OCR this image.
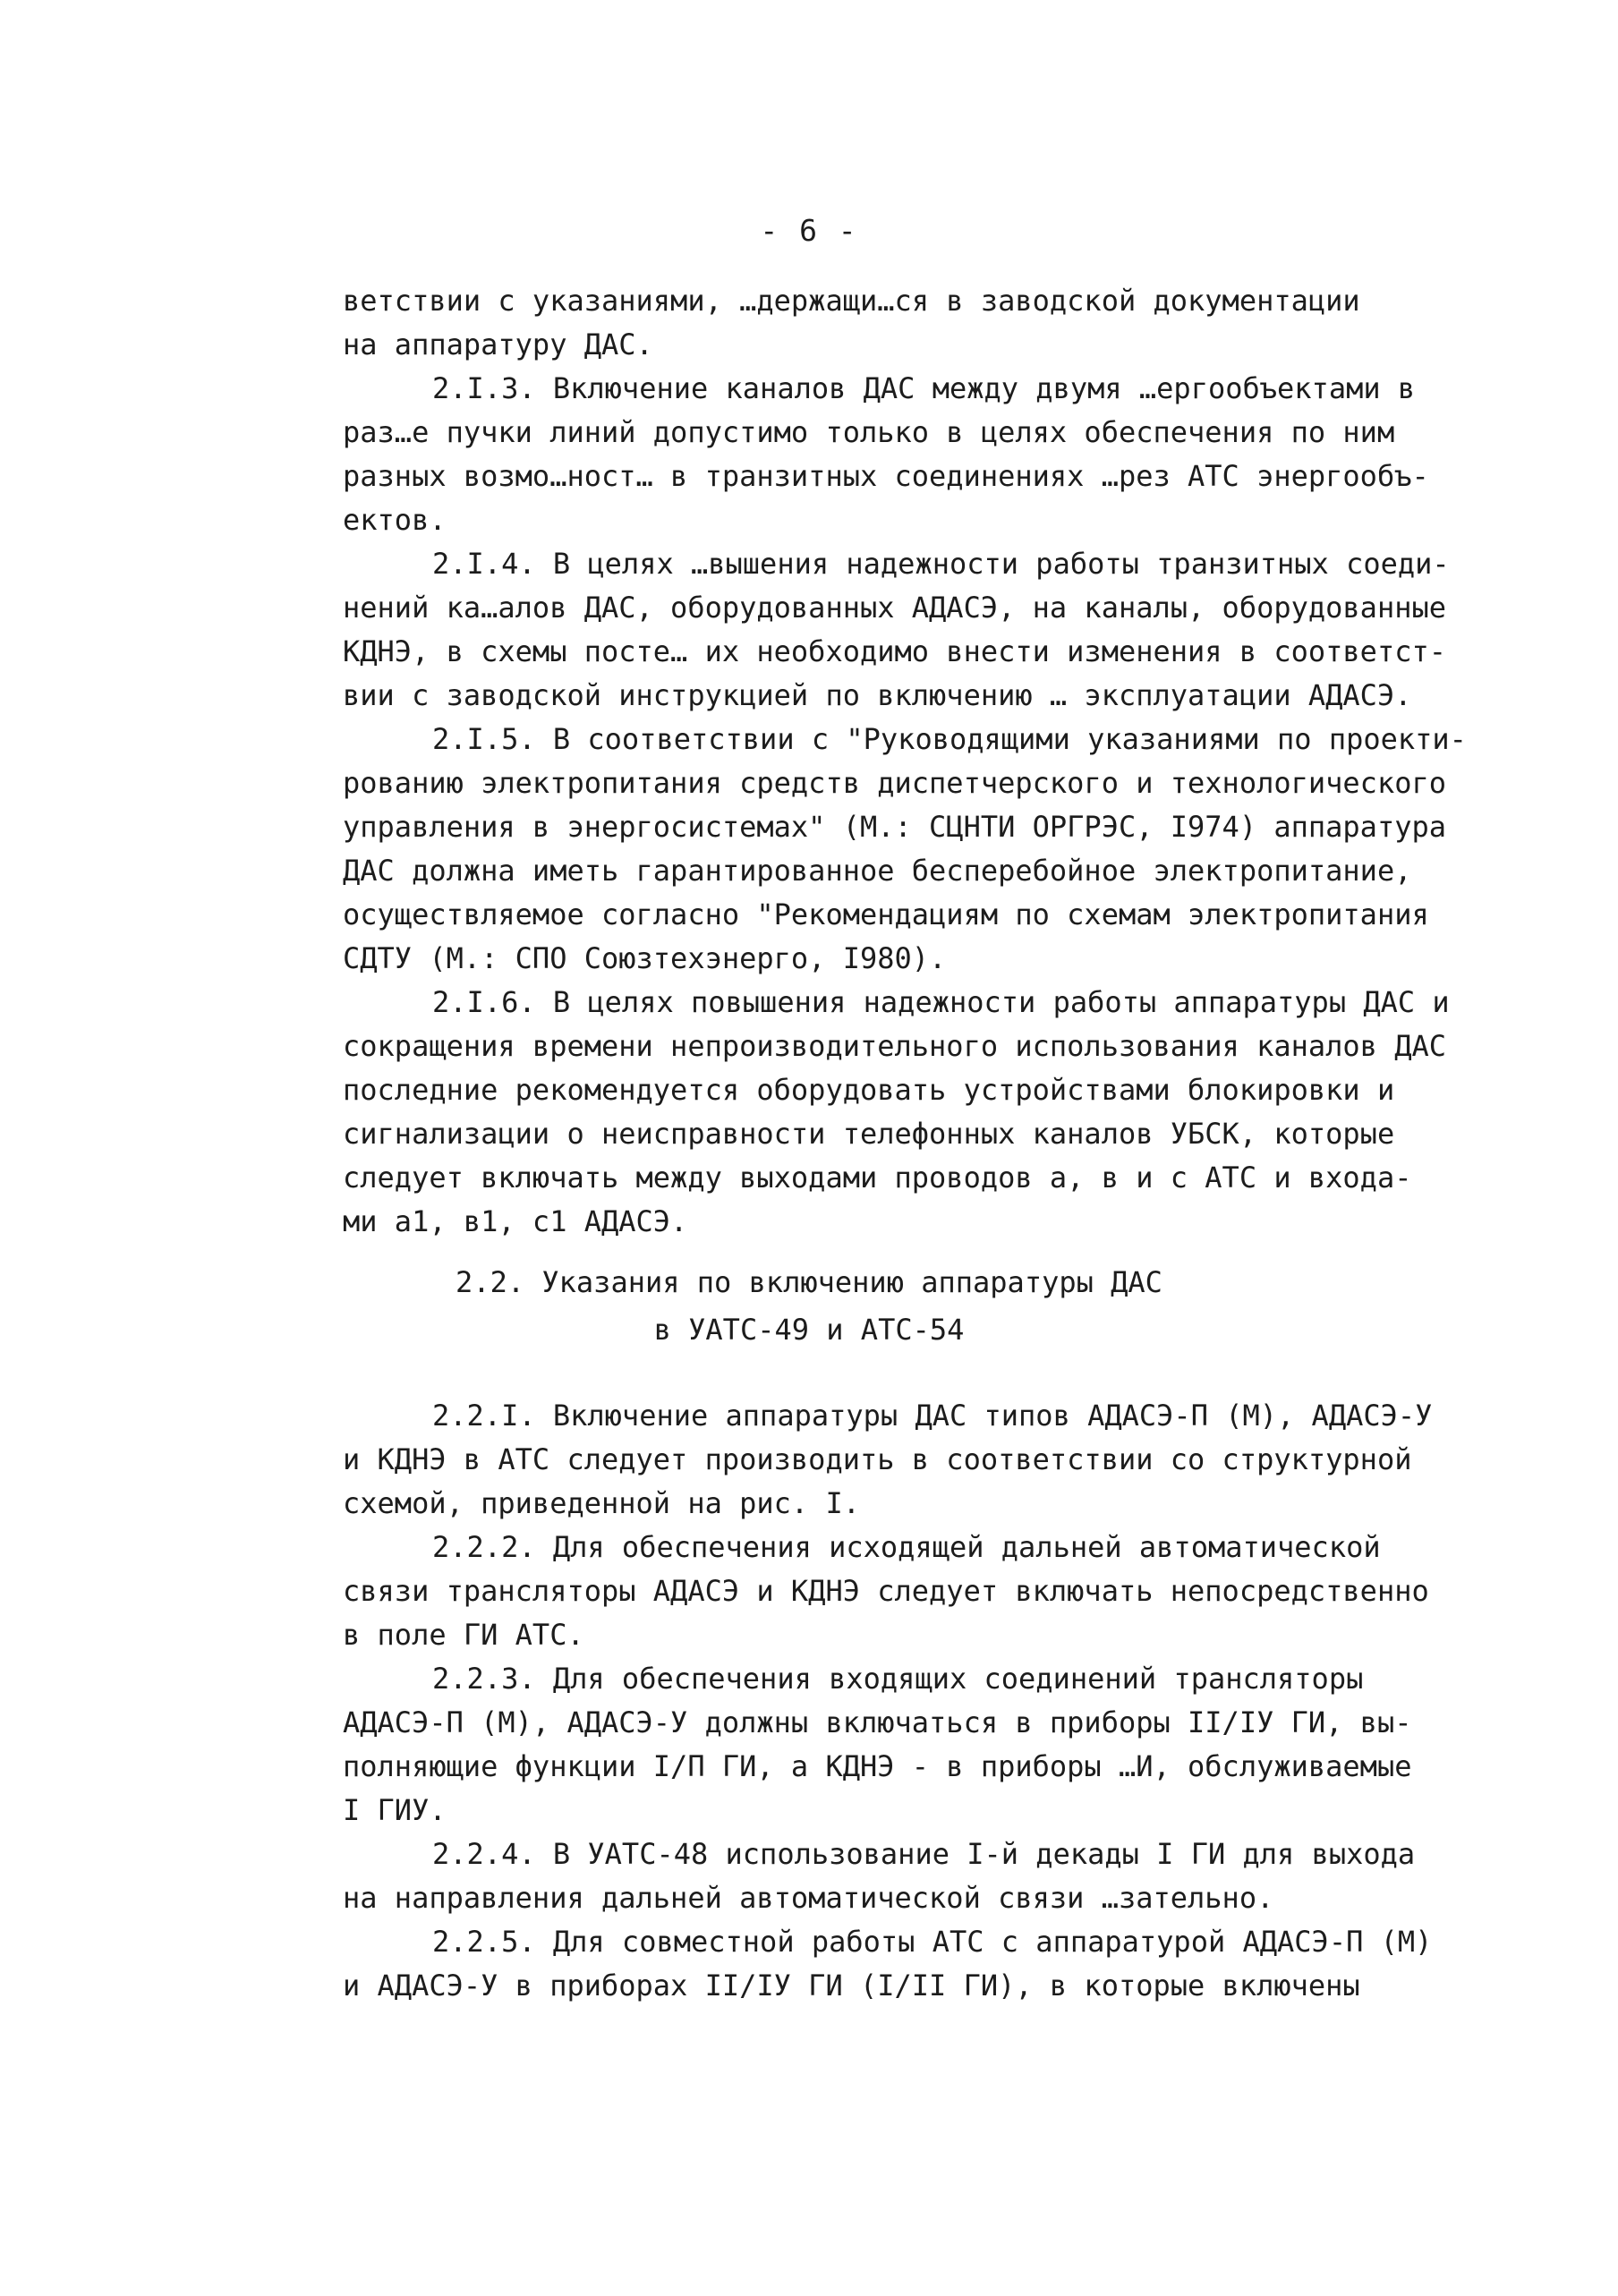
- 6 -

ветствии с указаниями, …держащи…ся в заводской документации

на аппаратуру ДАС.

2.I.3. Включение каналов ДАС между двумя …ергообъектами в

раз…е пучки линий допустимо только в целях обеспечения по ним

разных возмо…ност… в транзитных соединениях …рез АТС энергообъ-

ектов.

2.I.4. В целях …вышения надежности работы транзитных соеди-

нений ка…алов ДАС, оборудованных АДАСЭ, на каналы, оборудованные

КДНЭ, в схемы посте… их необходимо внести изменения в соответст-

вии с заводской инструкцией по включению … эксплуатации АДАСЭ.

2.I.5. В соответствии с "Руководящими указаниями по проекти-

рованию электропитания средств диспетчерского и технологического

управления в энергосистемах" (М.: СЦНТИ ОРГРЭС, I974) аппаратура

ДАС должна иметь гарантированное бесперебойное электропитание,

осуществляемое согласно "Рекомендациям по схемам электропитания

СДТУ (М.: СПО Союзтехэнерго, I980).

2.I.6. В целях повышения надежности работы аппаратуры ДАС и

сокращения времени непроизводительного использования каналов ДАС

последние рекомендуется оборудовать устройствами блокировки и

сигнализации о неисправности телефонных каналов УБСК, которые

следует включать между выходами проводов a, в и c АТС и входа-

ми a1, в1, c1 АДАСЭ.

2.2. Указания по включению аппаратуры ДАС

в УАТС-49 и АТС-54

2.2.I. Включение аппаратуры ДАС типов АДАСЭ-П (М), АДАСЭ-У

и КДНЭ в АТС следует производить в соответствии со структурной

схемой, приведенной на рис. I.

2.2.2. Для обеспечения исходящей дальней автоматической

связи трансляторы АДАСЭ и КДНЭ следует включать непосредственно

в поле ГИ АТС.

2.2.3. Для обеспечения входящих соединений трансляторы

АДАСЭ-П (М), АДАСЭ-У должны включаться в приборы II/IУ ГИ, вы-

полняющие функции I/П ГИ, а КДНЭ - в приборы …И, обслуживаемые

I ГИУ.

2.2.4. В УАТС-48 использование I-й декады I ГИ для выхода

на направления дальней автоматической связи …зательно.

2.2.5. Для совместной работы АТС с аппаратурой АДАСЭ-П (М)

и АДАСЭ-У в приборах II/IУ ГИ (I/II ГИ), в которые включены
